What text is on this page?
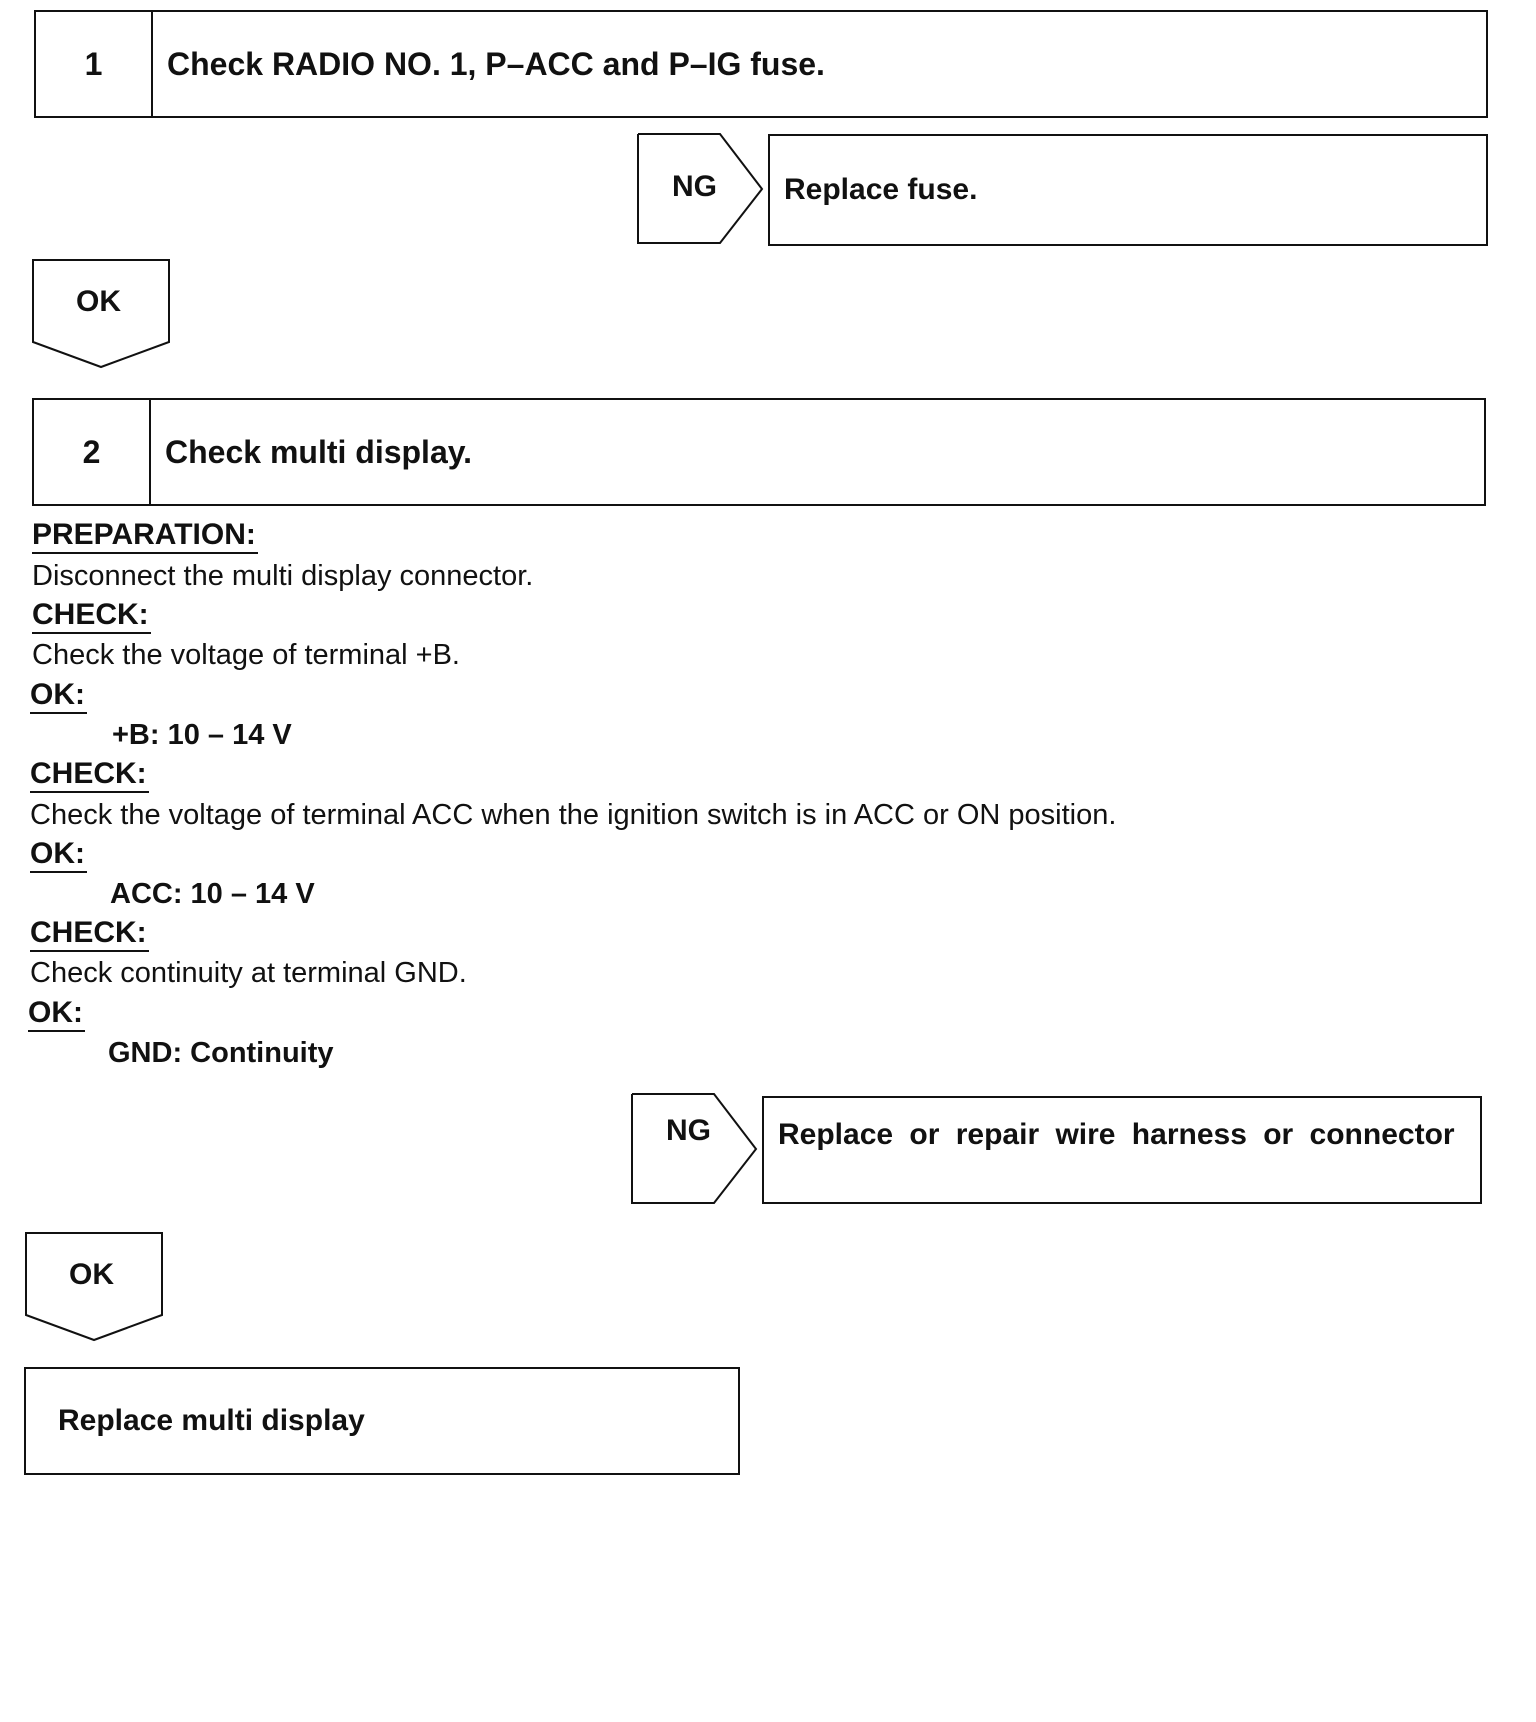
1	Check RADIO NO. 1, P–ACC and P–IG fuse.
NG Replace fuse.
OK
2	Check multi display.
PREPARATION:
Disconnect the multi display connector.
CHECK:
Check the voltage of terminal +B.
OK:
+B: 10 – 14 V
CHECK:
Check the voltage of terminal ACC when the ignition switch is in ACC or ON position.
OK:
ACC: 10 – 14 V
CHECK:
Check continuity at terminal GND.
OK:
GND: Continuity
NG Replace or repair wire harness or connector
OK
Replace multi display
